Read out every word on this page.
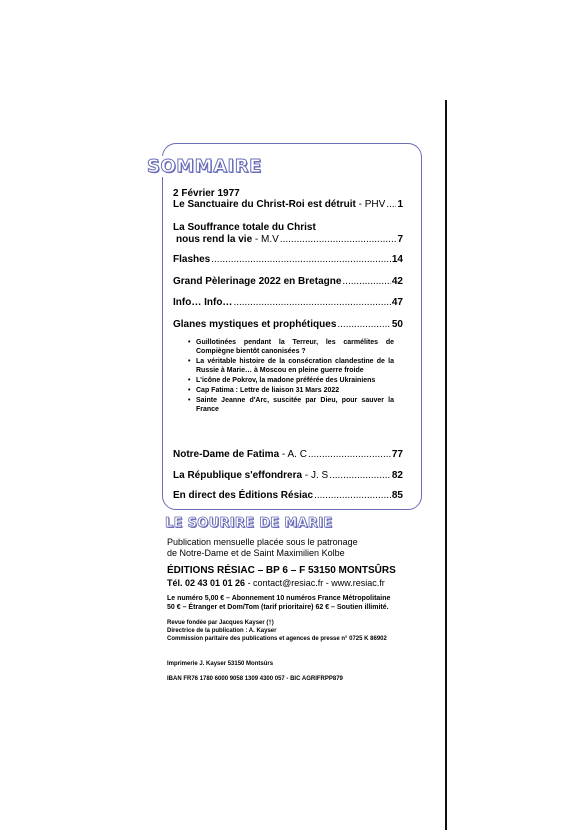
SOMMAIRE
2 Février 1977
Le Sanctuaire du Christ-Roi est détruit - PHV ..... 1
La Souffrance totale du Christ
nous rend la vie - M.V .....	7
Flashes .....	14
Grand Pèlerinage 2022 en Bretagne .....	42
Info… Info… .....	47
Glanes mystiques et prophétiques .....	50
• Guillotinées pendant la Terreur, les carmélites de Compiègne bientôt canonisées ?
• La véritable histoire de la consécration clandestine de la Russie à Marie… à Moscou en pleine guerre froide
• L'icône de Pokrov, la madone préférée des Ukrainiens
• Cap Fatima : Lettre de liaison 31 Mars 2022
• Sainte Jeanne d'Arc, suscitée par Dieu, pour sauver la France
Notre-Dame de Fatima - A. C .....	77
La République s'effondrera - J. S .....	82
En direct des Éditions Résiac .....	85
LE SOURIRE DE MARIE
Publication mensuelle placée sous le patronage
de Notre-Dame et de Saint Maximilien Kolbe
ÉDITIONS RÉSIAC – BP 6 – F 53150 MONTSÛRS
Tél. 02 43 01 01 26 - contact@resiac.fr - www.resiac.fr
Le numéro 5,00 € – Abonnement 10 numéros France Métropolitaine
50 € – Étranger et Dom/Tom (tarif prioritaire) 62 € – Soutien illimité.
Revue fondée par Jacques Kayser (†)
Directrice de la publication : A. Kayser
Commission paritaire des publications et agences de presse n° 0725 K 86902
Imprimerie J. Kayser 53150 Montsûrs
IBAN FR76 1780 6000 9058 1309 4300 057 - BIC AGRIFRPP879
